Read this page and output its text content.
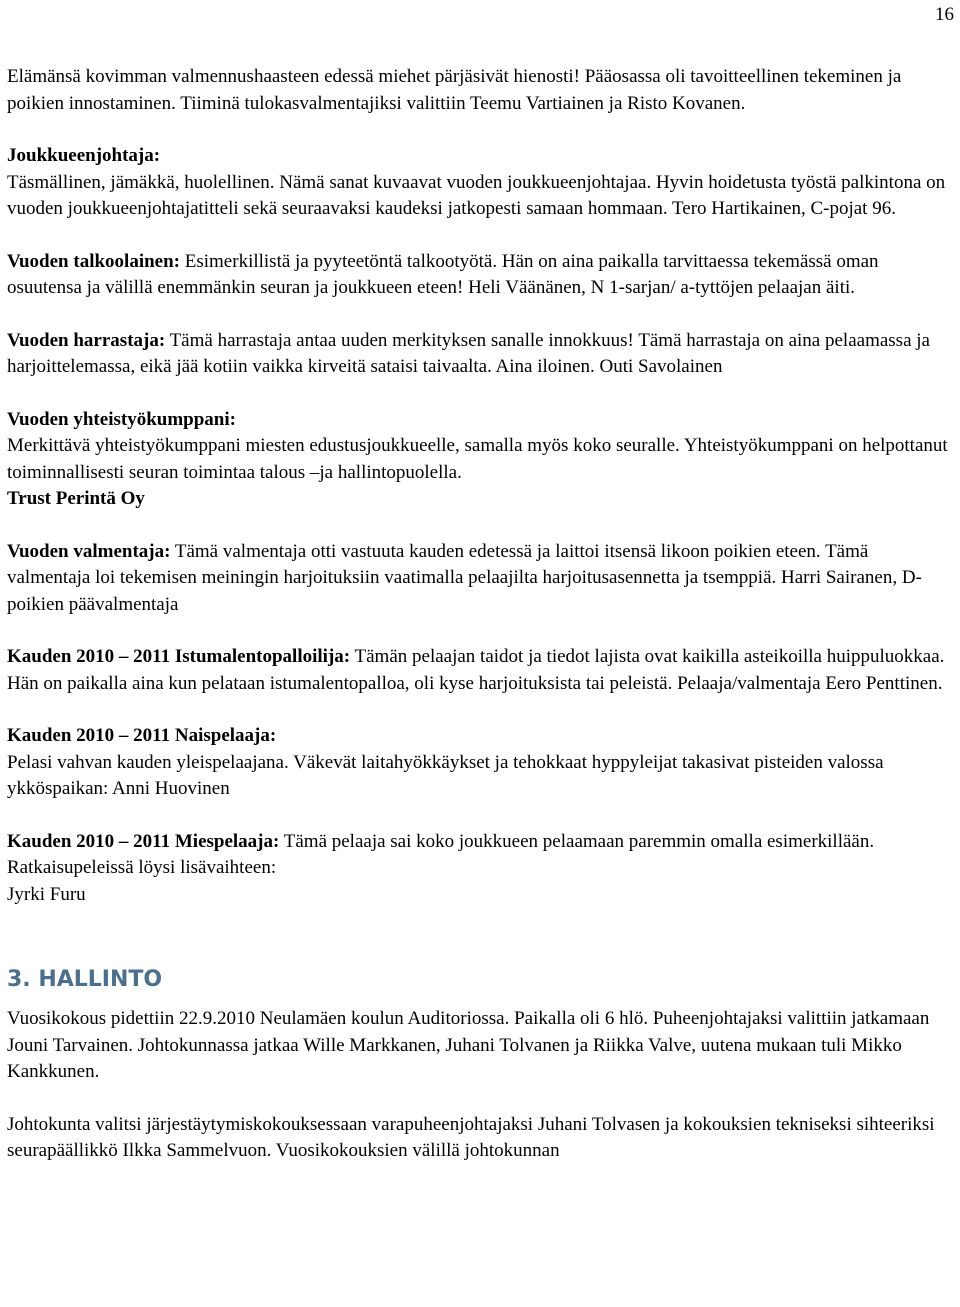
16

Elämänsä kovimman valmennushaasteen edessä miehet pärjäsivät hienosti! Pääosassa oli tavoitteellinen tekeminen ja poikien innostaminen. Tiiminä tulokasvalmentajiksi valittiin Teemu Vartiainen ja Risto Kovanen.

Joukkueenjohtaja:
Täsmällinen, jämäkkä, huolellinen. Nämä sanat kuvaavat vuoden joukkueenjohtajaa. Hyvin hoidetusta työstä palkintona on vuoden joukkueenjohtajatitteli sekä seuraavaksi kaudeksi jatkopesti samaan hommaan. Tero Hartikainen, C-pojat 96.

Vuoden talkoolainen: Esimerkillistä ja pyyteetöntä talkootyötä. Hän on aina paikalla tarvittaessa tekemässä oman osuutensa ja välillä enemmänkin seuran ja joukkueen eteen! Heli Väänänen, N 1-sarjan/ a-tyttöjen pelaajan äiti.

Vuoden harrastaja: Tämä harrastaja antaa uuden merkityksen sanalle innokkuus! Tämä harrastaja on aina pelaamassa ja harjoittelemassa, eikä jää kotiin vaikka kirveitä sataisi taivaalta. Aina iloinen. Outi Savolainen

Vuoden yhteistyökumppani:
Merkittävä yhteistyökumppani miesten edustusjoukkueelle, samalla myös koko seuralle. Yhteistyökumppani on helpottanut toiminnallisesti seuran toimintaa talous –ja hallintopuolella.
Trust Perintä Oy

Vuoden valmentaja: Tämä valmentaja otti vastuuta kauden edetessä ja laittoi itsensä likoon poikien eteen. Tämä valmentaja loi tekemisen meiningin harjoituksiin vaatimalla pelaajilta harjoitusasennetta ja tsemppiä. Harri Sairanen, D-poikien päävalmentaja

Kauden 2010 – 2011 Istumalentopalloilija: Tämän pelaajan taidot ja tiedot lajista ovat kaikilla asteikoilla huippuluokkaa. Hän on paikalla aina kun pelataan istumalentopalloa, oli kyse harjoituksista tai peleistä. Pelaaja/valmentaja Eero Penttinen.

Kauden 2010 – 2011 Naispelaaja:
Pelasi vahvan kauden yleispelaajana. Väkevät laitahyökkäykset ja tehokkaat hyppyleijat takasivat pisteiden valossa ykköspaikan: Anni Huovinen

Kauden 2010 – 2011 Miespelaaja: Tämä pelaaja sai koko joukkueen pelaamaan paremmin omalla esimerkillään. Ratkaisupeleissä löysi lisävaihteen:
Jyrki Furu

3. HALLINTO

Vuosikokous pidettiin 22.9.2010 Neulamäen koulun Auditoriossa. Paikalla oli 6 hlö. Puheenjohtajaksi valittiin jatkamaan Jouni Tarvainen. Johtokunnassa jatkaa Wille Markkanen, Juhani Tolvanen ja Riikka Valve, uutena mukaan tuli Mikko Kankkunen.

Johtokunta valitsi järjestäytymiskokouksessaan varapuheenjohtajaksi Juhani Tolvasen ja kokouksien tekniseksi sihteeriksi seurapäällikkö Ilkka Sammelvuon. Vuosikokouksien välillä johtokunnan
